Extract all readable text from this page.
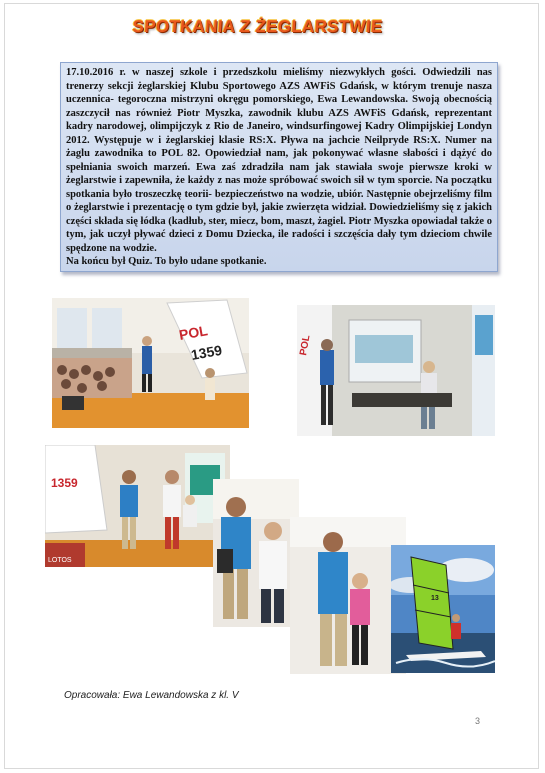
SPOTKANIA Z ŻEGLARSTWIE

17.10.2016 r. w naszej szkole i przedszkolu mieliśmy niezwykłych gości. Odwiedzili nas trenerzy sekcji żeglarskiej Klubu Sportowego AZS AWFiS Gdańsk, w którym trenuje nasza uczennica- tegoroczna mistrzyni okręgu pomorskiego, Ewa Lewandowska. Swoją obecnością zaszczycił nas również Piotr Myszka, zawodnik klubu AZS AWFiS Gdańsk, reprezentant kadry narodowej, olimpijczyk z Rio de Janeiro, windsurfingowej Kadry Olimpijskiej Londyn 2012. Występuje w i żeglarskiej klasie RS:X. Pływa na jachcie Neilpryde RS:X. Numer na żaglu zawodnika to POL 82. Opowiedział nam, jak pokonywać własne słabości i dążyć do spełniania swoich marzeń. Ewa zaś zdradziła nam jak stawiała swoje pierwsze kroki w żeglarstwie i zapewniła, że każdy z nas może spróbować swoich sił w tym sporcie. Na początku spotkania było troszeczkę teorii- bezpieczeństwo na wodzie, ubiór. Następnie obejrzeliśmy film o żeglarstwie i prezentację o tym gdzie był, jakie zwierzęta widział. Dowiedzieliśmy się z jakich części składa się łódka (kadłub, ster, miecz, bom, maszt, żagiel. Piotr Myszka opowiadał także o tym, jak uczył pływać dzieci z Domu Dziecka, ile radości i szczęścia dały tym dzieciom chwile spędzone na wodzie.

Na końcu był Quiz. To było udane spotkanie.

POL
1359	POL
1359
LOTOS
13
Opracowała: Ewa Lewandowska z kl. V
3
